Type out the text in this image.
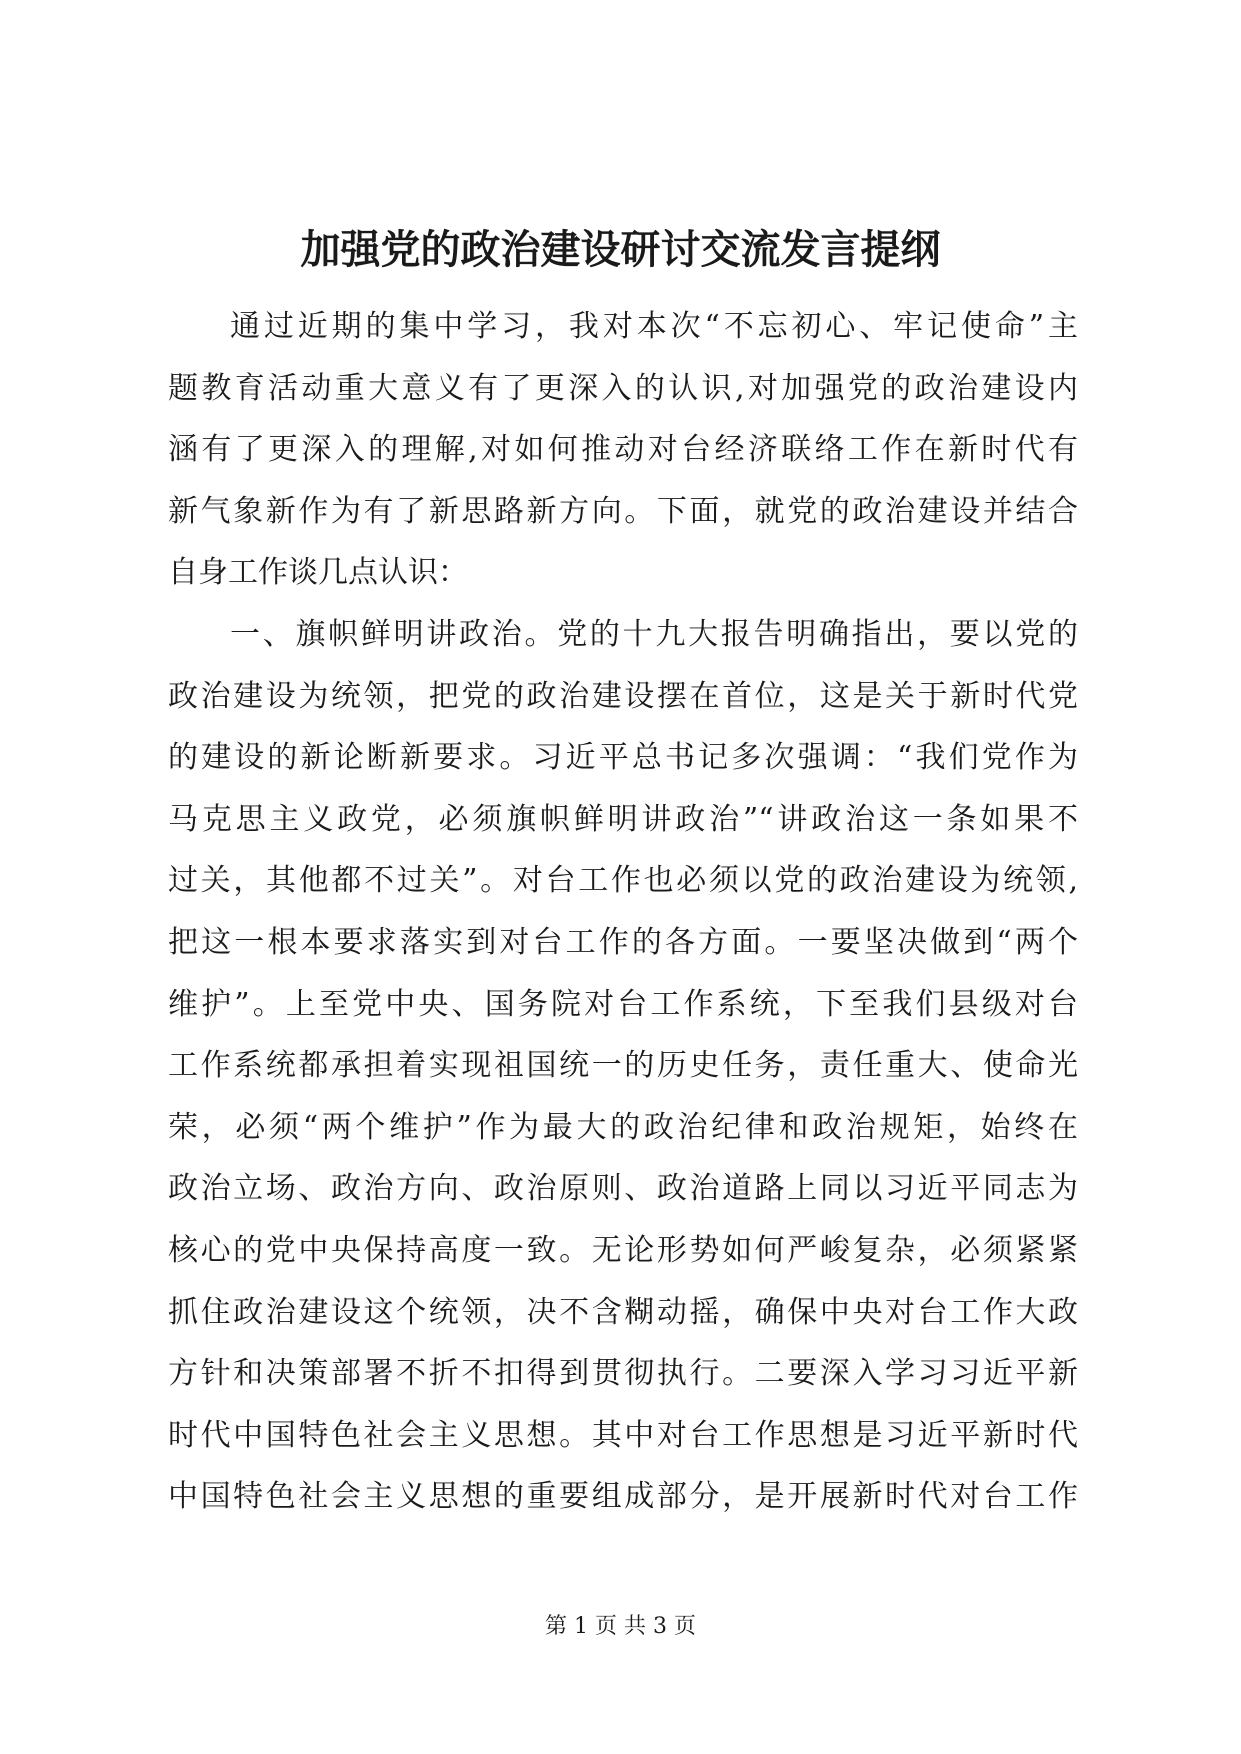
加强党的政治建设研讨交流发言提纲
通过近期的集中学习，我对本次“不忘初心、牢记使命”主
题教育活动重大意义有了更深入的认识,对加强党的政治建设内
涵有了更深入的理解,对如何推动对台经济联络工作在新时代有
新气象新作为有了新思路新方向。下面，就党的政治建设并结合
自身工作谈几点认识：
一、旗帜鲜明讲政治。党的十九大报告明确指出，要以党的
政治建设为统领，把党的政治建设摆在首位，这是关于新时代党
的建设的新论断新要求。习近平总书记多次强调：“我们党作为
马克思主义政党，必须旗帜鲜明讲政治”“讲政治这一条如果不
过关，其他都不过关”。对台工作也必须以党的政治建设为统领,
把这一根本要求落实到对台工作的各方面。一要坚决做到“两个
维护”。上至党中央、国务院对台工作系统，下至我们县级对台
工作系统都承担着实现祖国统一的历史任务，责任重大、使命光
荣，必须“两个维护”作为最大的政治纪律和政治规矩，始终在
政治立场、政治方向、政治原则、政治道路上同以习近平同志为
核心的党中央保持高度一致。无论形势如何严峻复杂，必须紧紧
抓住政治建设这个统领，决不含糊动摇，确保中央对台工作大政
方针和决策部署不折不扣得到贯彻执行。二要深入学习习近平新
时代中国特色社会主义思想。其中对台工作思想是习近平新时代
中国特色社会主义思想的重要组成部分，是开展新时代对台工作
第 1 页 共 3 页
